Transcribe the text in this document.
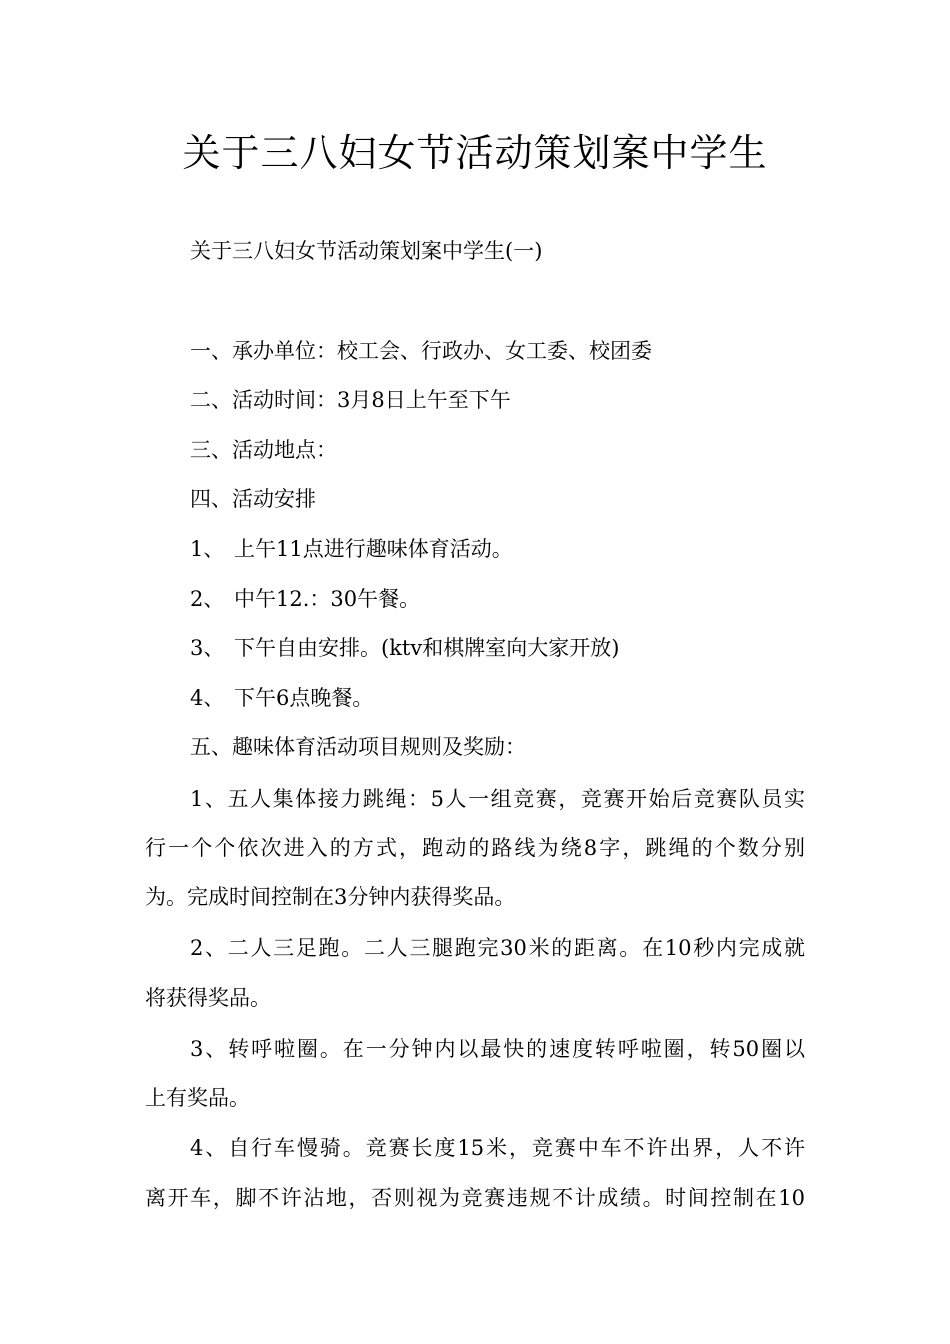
关于三八妇女节活动策划案中学生
关于三八妇女节活动策划案中学生(一)
一、承办单位：校工会、行政办、女工委、校团委
二、活动时间：3月8日上午至下午
三、活动地点：
四、活动安排
1、 上午11点进行趣味体育活动。
2、 中午12.：30午餐。
3、 下午自由安排。(ktv和棋牌室向大家开放)
4、 下午6点晚餐。
五、趣味体育活动项目规则及奖励：
1、五人集体接力跳绳：5人一组竞赛，竞赛开始后竞赛队员实
行一个个依次进入的方式，跑动的路线为绕8字，跳绳的个数分别
为。完成时间控制在3分钟内获得奖品。
2、二人三足跑。二人三腿跑完30米的距离。在10秒内完成就
将获得奖品。
3、转呼啦圈。在一分钟内以最快的速度转呼啦圈，转50圈以
上有奖品。
4、自行车慢骑。竞赛长度15米，竞赛中车不许出界，人不许
离开车，脚不许沾地，否则视为竞赛违规不计成绩。时间控制在10
